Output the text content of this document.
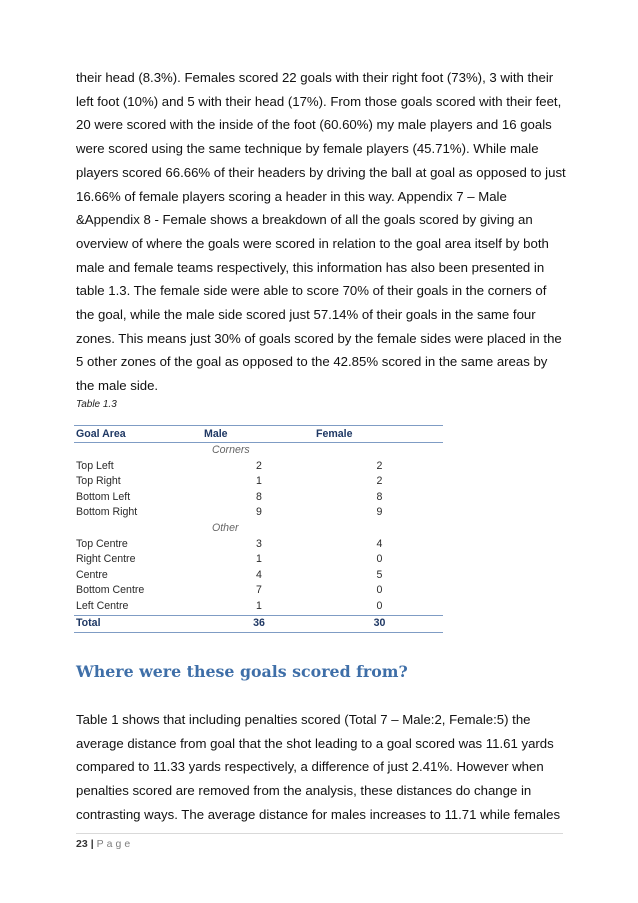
their head (8.3%). Females scored 22 goals with their right foot (73%), 3 with their left foot (10%) and 5 with their head (17%). From those goals scored with their feet, 20 were scored with the inside of the foot (60.60%) my male players and 16 goals were scored using the same technique by female players (45.71%). While male players scored 66.66% of their headers by driving the ball at goal as opposed to just 16.66% of female players scoring a header in this way. Appendix 7 – Male &Appendix 8 - Female shows a breakdown of all the goals scored by giving an overview of where the goals were scored in relation to the goal area itself by both male and female teams respectively, this information has also been presented in table 1.3. The female side were able to score 70% of their goals in the corners of the goal, while the male side scored just 57.14% of their goals in the same four zones. This means just 30% of goals scored by the female sides were placed in the 5 other zones of the goal as opposed to the 42.85% scored in the same areas by the male side.

Table 1.3

Goal Area	Male	Female
	Corners	
Top Left	2	2
Top Right	1	2
Bottom Left	8	8
Bottom Right	9	9
	Other	
Top Centre	3	4
Right Centre	1	0
Centre	4	5
Bottom Centre	7	0
Left Centre	1	0
Total	36	30
Where were these goals scored from?

Table 1 shows that including penalties scored (Total 7 – Male:2, Female:5) the average distance from goal that the shot leading to a goal scored was 11.61 yards compared to 11.33 yards respectively, a difference of just 2.41%. However when penalties scored are removed from the analysis, these distances do change in contrasting ways. The average distance for males increases to 11.71 while females

23 | Page
